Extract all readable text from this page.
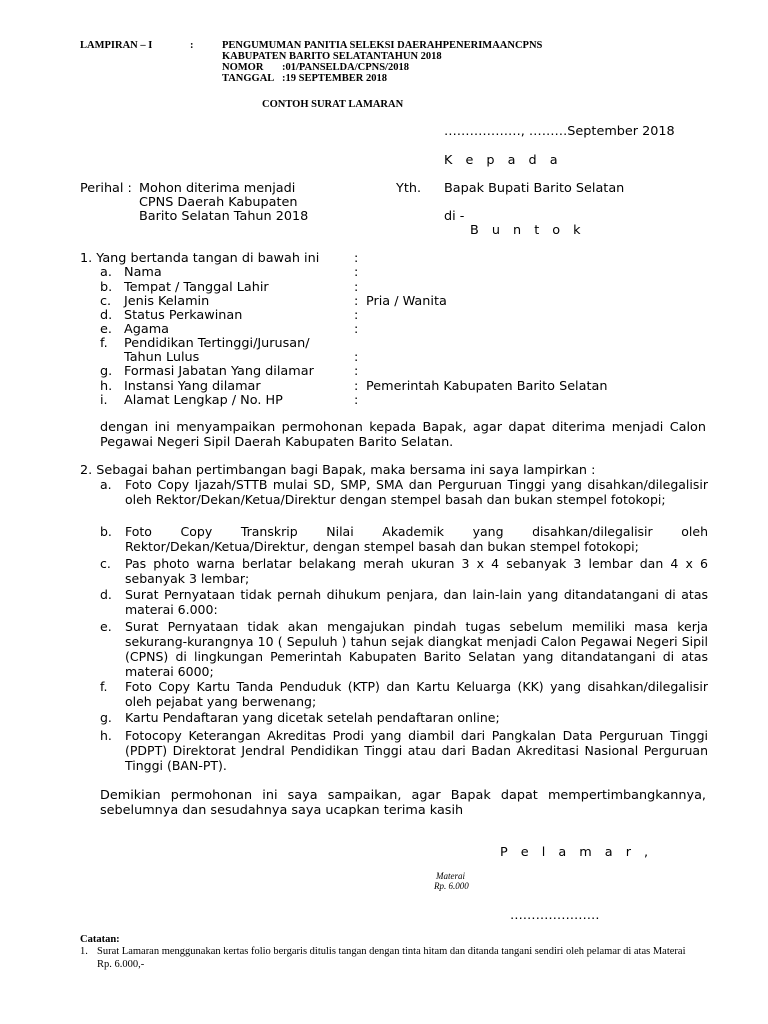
LAMPIRAN – I	:	PENGUMUMAN PANITIA SELEKSI DAERAHPENERIMAANCPNS
KABUPATEN BARITO SELATANTAHUN 2018
NOMOR :01/PANSELDA/CPNS/2018
TANGGAL :19 SEPTEMBER 2018
CONTOH SURAT LAMARAN
………………, ………September 2018
K e p a d a
Perihal : Mohon diterima menjadi
CPNS Daerah Kabupaten
Barito Selatan Tahun 2018
Yth. Bapak Bupati Barito Selatan
di -
B u n t o k
1. Yang bertanda tangan di bawah ini	:
a. Nama	:
b. Tempat / Tanggal Lahir	:
c. Jenis Kelamin	: Pria / Wanita
d. Status Perkawinan	:
e. Agama	:
f. Pendidikan Tertinggi/Jurusan/
Tahun Lulus	:
g. Formasi Jabatan Yang dilamar	:
h. Instansi Yang dilamar	: Pemerintah Kabupaten Barito Selatan
i. Alamat Lengkap / No. HP	:
dengan ini menyampaikan permohonan kepada Bapak, agar dapat diterima menjadi Calon Pegawai Negeri Sipil Daerah Kabupaten Barito Selatan.
2. Sebagai bahan pertimbangan bagi Bapak, maka bersama ini saya lampirkan :
a. Foto Copy Ijazah/STTB mulai SD, SMP, SMA dan Perguruan Tinggi yang disahkan/dilegalisir oleh Rektor/Dekan/Ketua/Direktur dengan stempel basah dan bukan stempel fotokopi;
b. Foto Copy Transkrip Nilai Akademik yang disahkan/dilegalisir oleh Rektor/Dekan/Ketua/Direktur, dengan stempel basah dan bukan stempel fotokopi;
c. Pas photo warna berlatar belakang merah ukuran 3 x 4 sebanyak 3 lembar dan 4 x 6 sebanyak 3 lembar;
d. Surat Pernyataan tidak pernah dihukum penjara, dan lain-lain yang ditandatangani di atas materai 6.000:
e. Surat Pernyataan tidak akan mengajukan pindah tugas sebelum memiliki masa kerja sekurang-kurangnya 10 ( Sepuluh ) tahun sejak diangkat menjadi Calon Pegawai Negeri Sipil (CPNS) di lingkungan Pemerintah Kabupaten Barito Selatan yang ditandatangani di atas materai 6000;
f. Foto Copy Kartu Tanda Penduduk (KTP) dan Kartu Keluarga (KK) yang disahkan/dilegalisir oleh pejabat yang berwenang;
g. Kartu Pendaftaran yang dicetak setelah pendaftaran online;
h. Fotocopy Keterangan Akreditas Prodi yang diambil dari Pangkalan Data Perguruan Tinggi (PDPT) Direktorat Jendral Pendidikan Tinggi atau dari Badan Akreditasi Nasional Perguruan Tinggi (BAN-PT).
Demikian permohonan ini saya sampaikan, agar Bapak dapat mempertimbangkannya, sebelumnya dan sesudahnya saya ucapkan terima kasih
P e l a m a r ,
Materai
Rp. 6.000
…………………
Catatan:
1. Surat Lamaran menggunakan kertas folio bergaris ditulis tangan dengan tinta hitam dan ditanda tangani sendiri oleh pelamar di atas Materai Rp. 6.000,-
